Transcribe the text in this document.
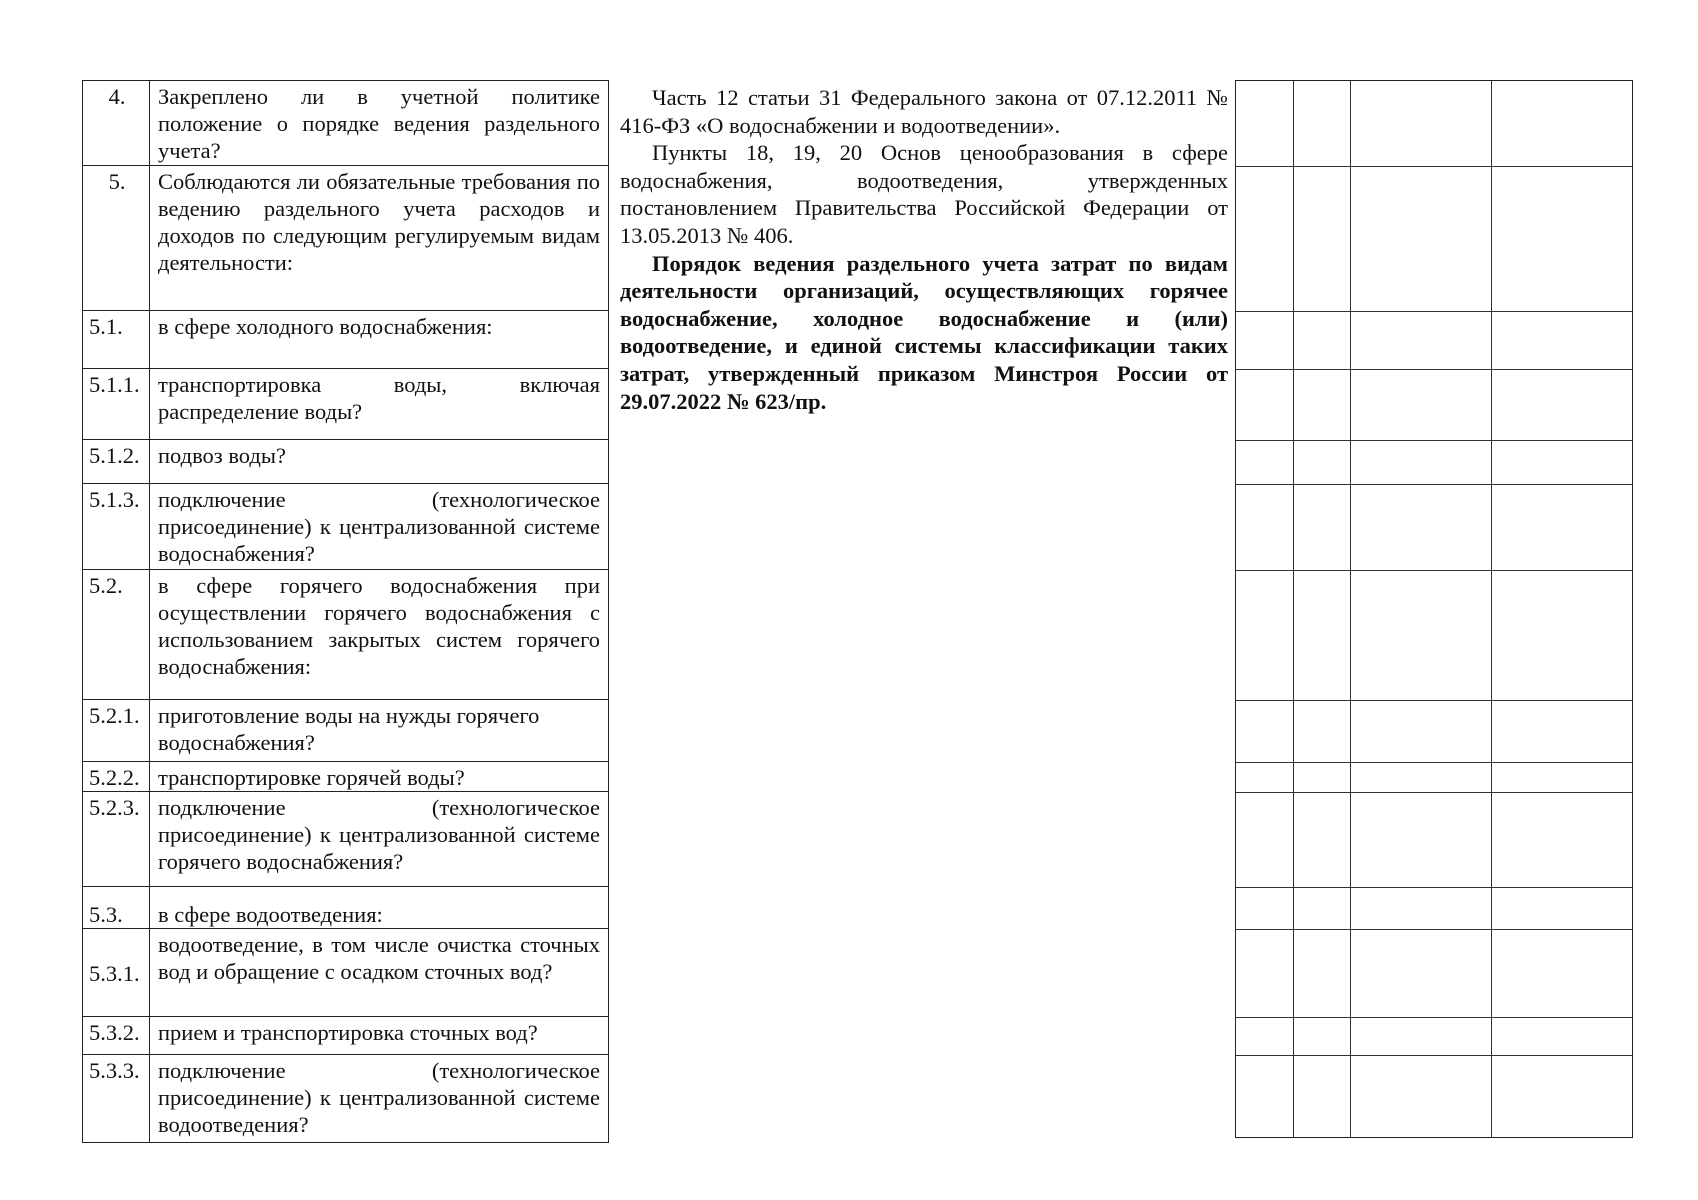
4.	Закреплено ли в учетной политике положение о порядке ведения раздельного учета?
5.	Соблюдаются ли обязательные требования по ведению раздельного учета расходов и доходов по следующим регулируемым видам деятельности:
5.1.	в сфере холодного водоснабжения:
5.1.1.	транспортировка воды, включая распределение воды?
5.1.2.	подвоз воды?
5.1.3.	подключение (технологическое присоединение) к централизованной системе водоснабжения?
5.2.	в сфере горячего водоснабжения при осуществлении горячего водоснабжения с использованием закрытых систем горячего водоснабжения:
5.2.1.	приготовление воды на нужды горячего водоснабжения?
5.2.2.	транспортировке горячей воды?
5.2.3.	подключение (технологическое присоединение) к централизованной системе горячего водоснабжения?
5.3.	в сфере водоотведения:
5.3.1.	водоотведение, в том числе очистка сточных вод и обращение с осадком сточных вод?
5.3.2.	прием и транспортировка сточных вод?
5.3.3.	подключение (технологическое присоединение) к централизованной системе водоотведения?

Часть 12 статьи 31 Федерального закона от 07.12.2011 № 416-ФЗ «О водоснабжении и водоотведении».

Пункты 18, 19, 20 Основ ценообразования в сфере водоснабжения, водоотведения, утвержденных постановлением Правительства Российской Федерации от 13.05.2013 № 406.

Порядок ведения раздельного учета затрат по видам деятельности организаций, осуществляющих горячее водоснабжение, холодное водоснабжение и (или) водоотведение, и единой системы классификации таких затрат, утвержденный приказом Минстроя России от 29.07.2022 № 623/пр.
